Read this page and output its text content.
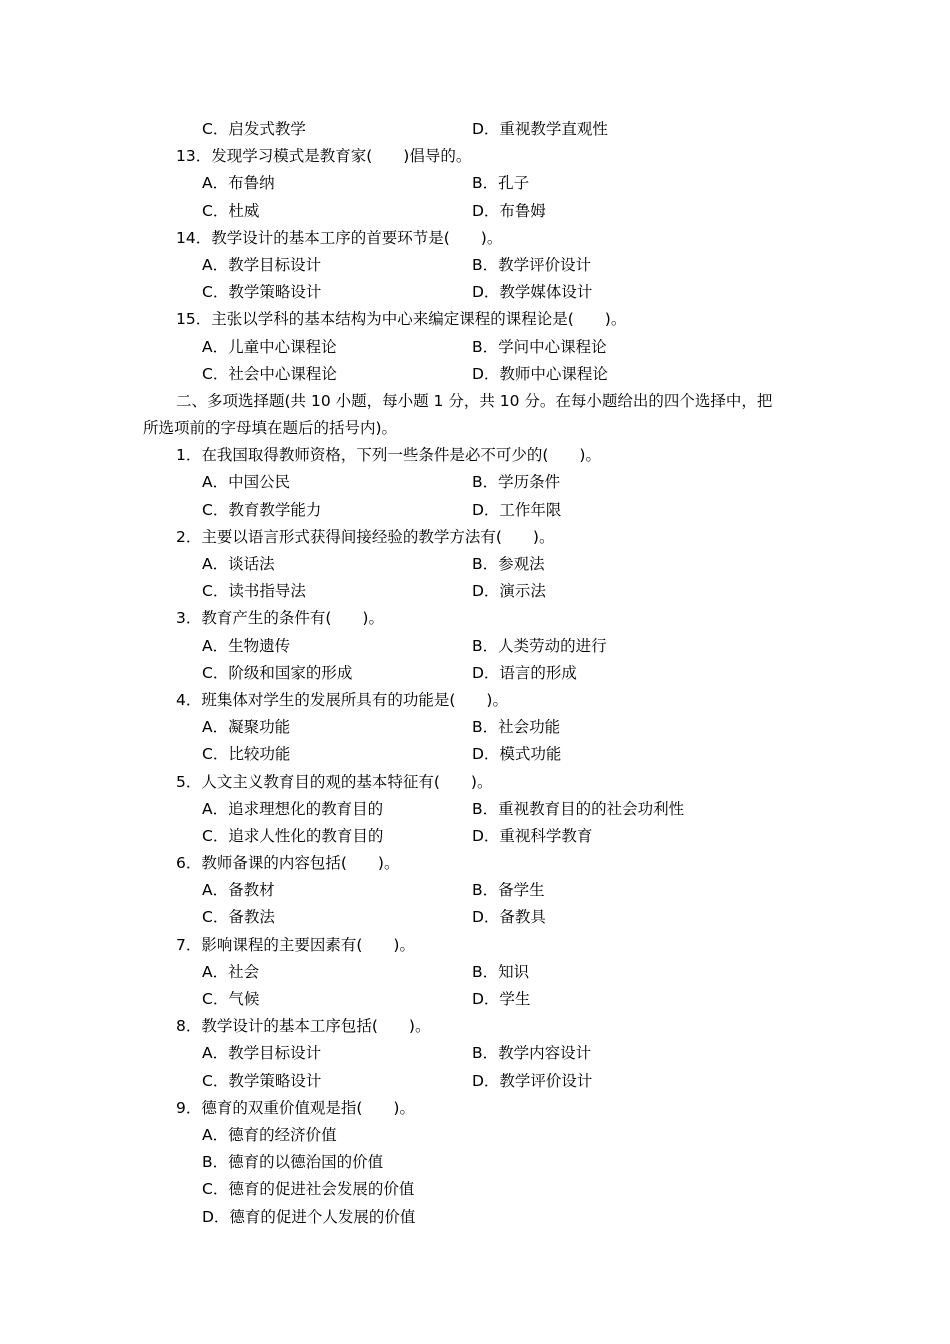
C．启发式教学	D．重视教学直观性
13．发现学习模式是教育家(　　)倡导的。
A．布鲁纳	B．孔子
C．杜威	D．布鲁姆
14．教学设计的基本工序的首要环节是(　　)。
A．教学目标设计	B．教学评价设计
C．教学策略设计	D．教学媒体设计
15．主张以学科的基本结构为中心来编定课程的课程论是(　　)。
A．儿童中心课程论	B．学问中心课程论
C．社会中心课程论	D．教师中心课程论
二、多项选择题(共 10 小题，每小题 1 分，共 10 分。在每小题给出的四个选择中，把
所选项前的字母填在题后的括号内)。
1．在我国取得教师资格，下列一些条件是必不可少的(　　)。
A．中国公民	B．学历条件
C．教育教学能力	D．工作年限
2．主要以语言形式获得间接经验的教学方法有(　　)。
A．谈话法	B．参观法
C．读书指导法	D．演示法
3．教育产生的条件有(　　)。
A．生物遗传	B．人类劳动的进行
C．阶级和国家的形成	D．语言的形成
4．班集体对学生的发展所具有的功能是(　　)。
A．凝聚功能	B．社会功能
C．比较功能	D．模式功能
5．人文主义教育目的观的基本特征有(　　)。
A．追求理想化的教育目的	B．重视教育目的的社会功利性
C．追求人性化的教育目的	D．重视科学教育
6．教师备课的内容包括(　　)。
A．备教材	B．备学生
C．备教法	D．备教具
7．影响课程的主要因素有(　　)。
A．社会	B．知识
C．气候	D．学生
8．教学设计的基本工序包括(　　)。
A．教学目标设计	B．教学内容设计
C．教学策略设计	D．教学评价设计
9．德育的双重价值观是指(　　)。
A．德育的经济价值
B．德育的以德治国的价值
C．德育的促进社会发展的价值
D．德育的促进个人发展的价值
